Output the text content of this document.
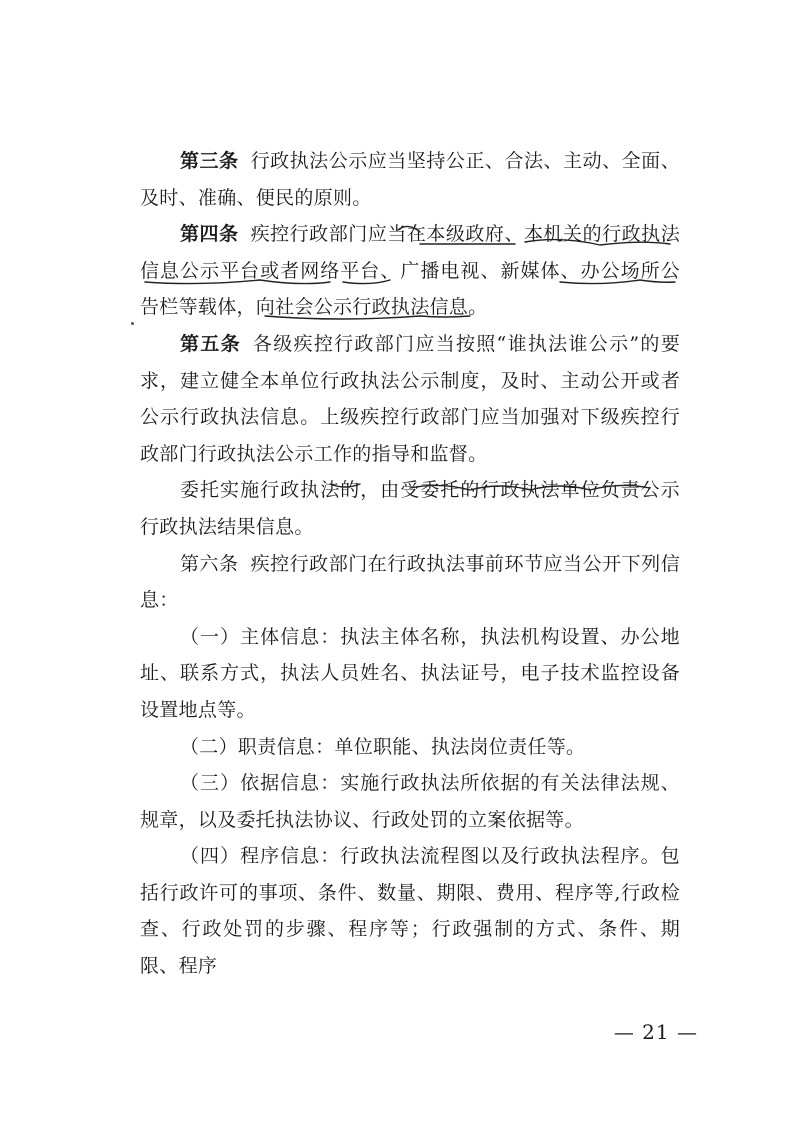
第三条 行政执法公示应当坚持公正、合法、主动、全面、及时、准确、便民的原则。

第四条 疾控行政部门应当在本级政府、本机关的行政执法信息公示平台或者网络平台、广播电视、新媒体、办公场所公告栏等载体，向社会公示行政执法信息。

第五条 各级疾控行政部门应当按照“谁执法谁公示”的要求，建立健全本单位行政执法公示制度，及时、主动公开或者公示行政执法信息。上级疾控行政部门应当加强对下级疾控行政部门行政执法公示工作的指导和监督。

委托实施行政执法的，由受委托的行政执法单位负责公示行政执法结果信息。

第六条 疾控行政部门在行政执法事前环节应当公开下列信息：

（一）主体信息：执法主体名称，执法机构设置、办公地址、联系方式，执法人员姓名、执法证号，电子技术监控设备设置地点等。

（二）职责信息：单位职能、执法岗位责任等。

（三）依据信息：实施行政执法所依据的有关法律法规、规章，以及委托执法协议、行政处罚的立案依据等。

（四）程序信息：行政执法流程图以及行政执法程序。包括行政许可的事项、条件、数量、期限、费用、程序等,行政检查、行政处罚的步骤、程序等；行政强制的方式、条件、期限、程序

— 21 —
